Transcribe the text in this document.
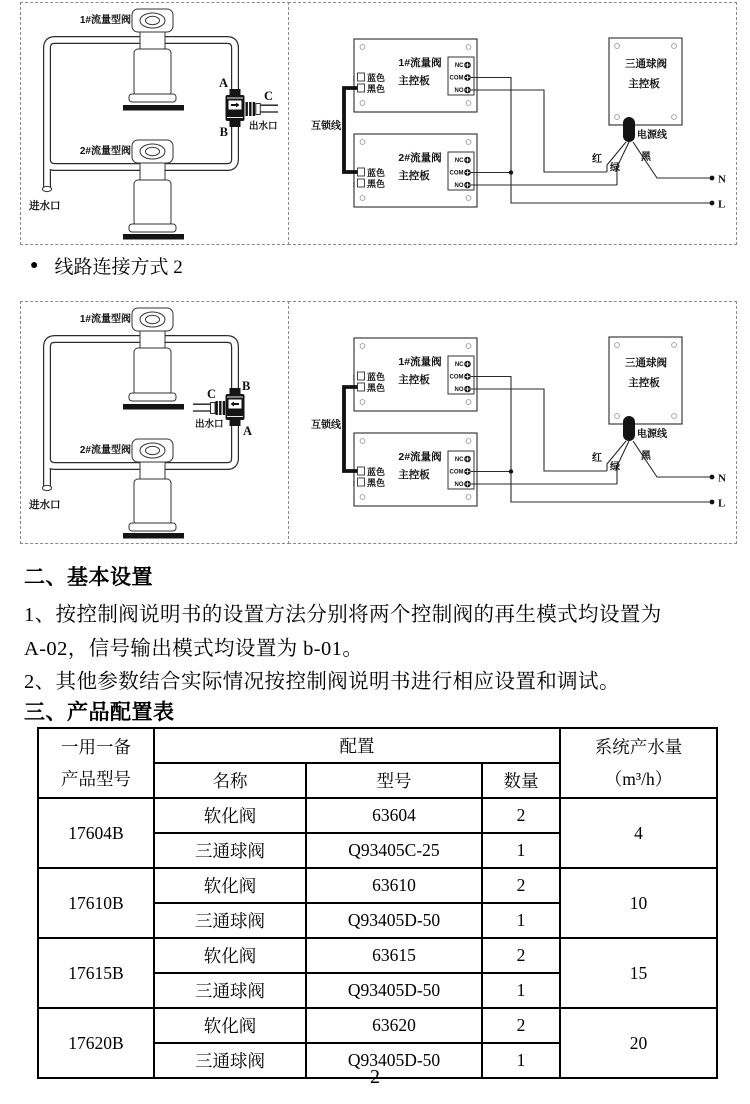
1#流量型阀
2#流量型阀
进水口
A
B
C
出水口
1#流量阀
主控板
: 蓝色
黑色
NC
COM
NO
2#流量阀
主控板
蓝色
: 黑色
NC
COM
NO
互锁线
三通球阀
主控板
电源线
红
绿
黑
N
L
● 线路连接方式 2
1#流量型阀
2#流量型阀
进水口
B
A
C
出水口
1#流量阀
主控板
: 蓝色
黑色
NC
COM
NO
2#流量阀
主控板
蓝色
: 黑色
NC
COM
NO
互锁线
三通球阀
主控板
电源线
红
绿
黑
N
L
二、基本设置
1、按控制阀说明书的设置方法分别将两个控制阀的再生模式均设置为
A-02，信号输出模式均设置为 b-01。
2、其他参数结合实际情况按控制阀说明书进行相应设置和调试。
三、产品配置表
一用一备
产品型号
	配置	系统产水量
（m³/h）

	名称	型号	数量	
17604B	软化阀	63604	2	4
	三通球阀	Q93405C-25	1	
17610B	软化阀	63610	2	10
	三通球阀	Q93405D-50	1	
17615B	软化阀	63615	2	15
	三通球阀	Q93405D-50	1	
17620B	软化阀	63620	2	20
	三通球阀	Q93405D-50	1	
2
